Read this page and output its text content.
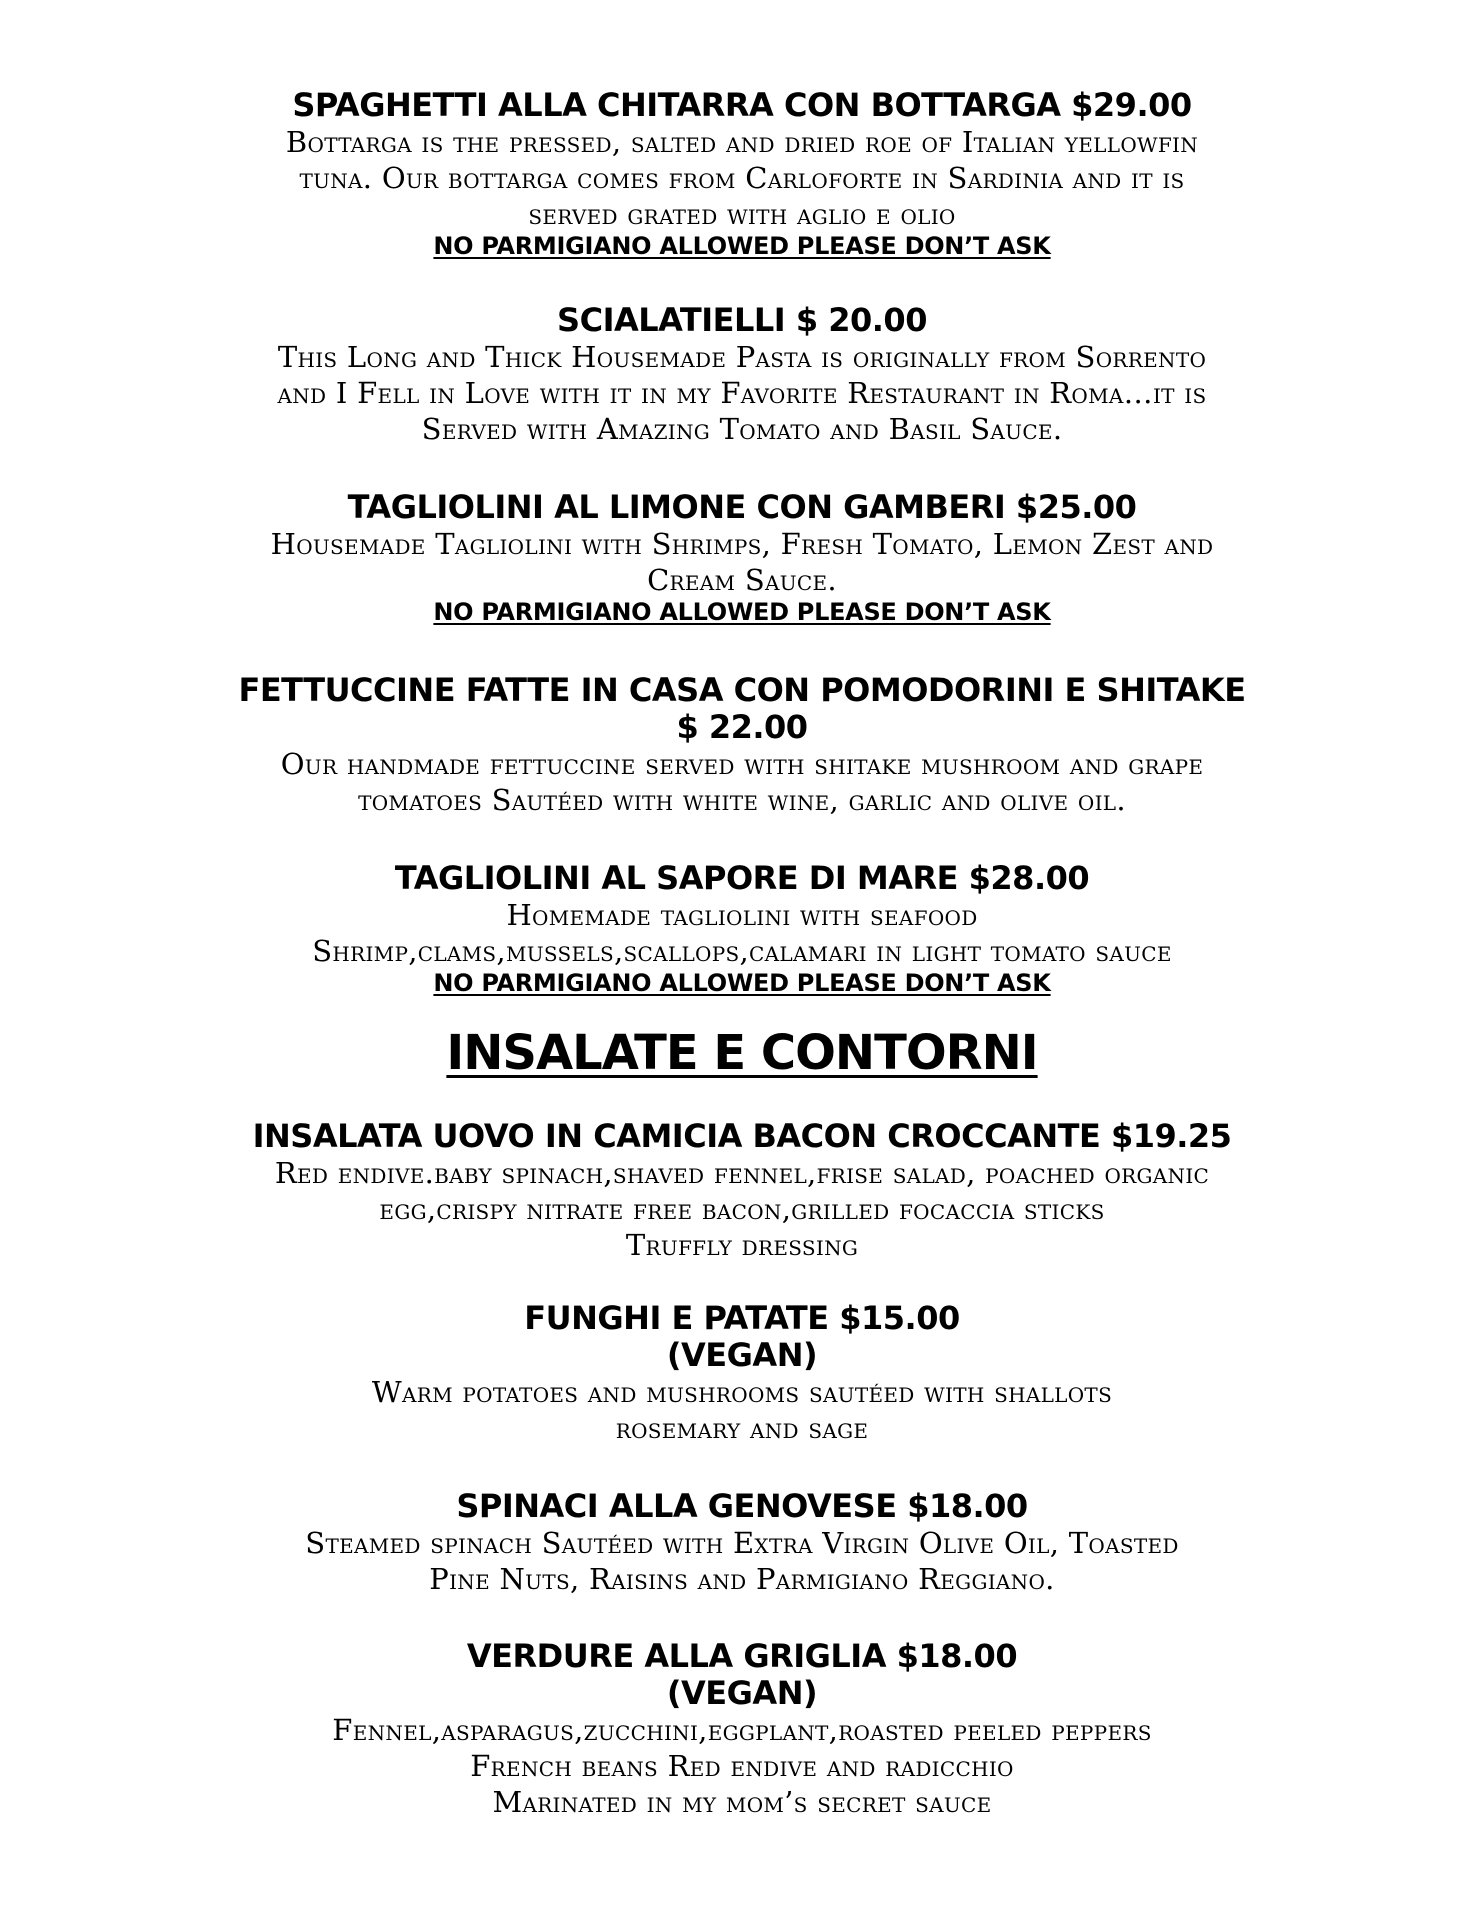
SPAGHETTI ALLA CHITARRA CON BOTTARGA $29.00
Bottarga is the pressed, salted and dried roe of Italian yellowfin
tuna. Our bottarga comes from Carloforte in Sardinia and it is
served grated with aglio e olio
NO PARMIGIANO ALLOWED PLEASE DON’T ASK
SCIALATIELLI $ 20.00
This Long and Thick Housemade Pasta is originally from Sorrento
and I Fell in Love with it in my Favorite Restaurant in Roma…it is
Served with Amazing Tomato and Basil Sauce.
TAGLIOLINI AL LIMONE CON GAMBERI $25.00
Housemade Tagliolini with Shrimps, Fresh Tomato, Lemon Zest and
Cream Sauce.
NO PARMIGIANO ALLOWED PLEASE DON’T ASK
FETTUCCINE FATTE IN CASA CON POMODORINI E SHITAKE
$ 22.00
Our handmade fettuccine served with shitake mushroom and grape
tomatoes Sautéed with white wine, garlic and olive oil.
TAGLIOLINI AL SAPORE DI MARE $28.00
Homemade tagliolini with seafood
Shrimp,clams,mussels,scallops,calamari in light tomato sauce
NO PARMIGIANO ALLOWED PLEASE DON’T ASK
INSALATE E CONTORNI
INSALATA UOVO IN CAMICIA BACON CROCCANTE $19.25
Red endive.baby spinach,shaved fennel,frise salad, poached organic
egg,crispy nitrate free bacon,grilled focaccia sticks
Truffly dressing
FUNGHI E PATATE $15.00
(VEGAN)
Warm potatoes and mushrooms sautéed with shallots
rosemary and sage
SPINACI ALLA GENOVESE $18.00
Steamed spinach Sautéed with Extra Virgin Olive Oil, Toasted
Pine Nuts, Raisins and Parmigiano Reggiano.
VERDURE ALLA GRIGLIA $18.00
(VEGAN)
Fennel,asparagus,zucchini,eggplant,roasted peeled peppers
French beans Red endive and radicchio
Marinated in my mom’s secret sauce
